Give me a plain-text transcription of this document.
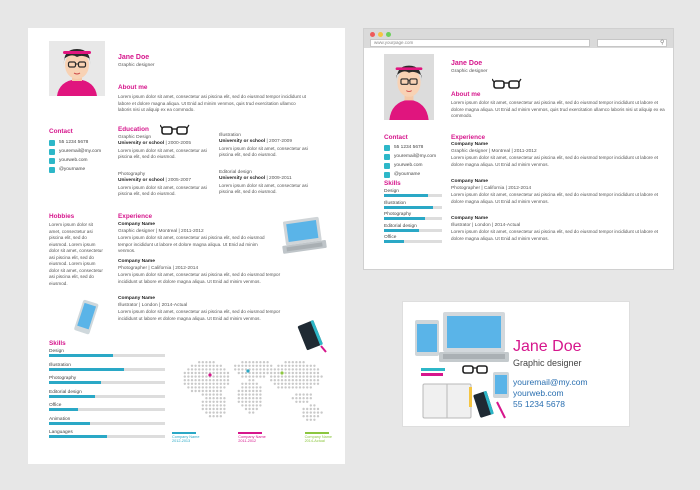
Jane Doe
Graphic designer
About me
Lorem ipsum dolor sit amet, consectetur asi piscina elit, sed do eiusmod tempor incididunt ut labore et dolore magna aliqua. Ut Enid ad minim venmos, quis trud exercitation ullamco laboris nisi ut aliquip ex ea commodo.
Contact
55 1234 5678
youremail@my.com
yourweb.com
@yourname
Education
Graphic Design
University or school | 2000-2005
Lorem ipsum dolor sit amet, consectetur asi piscina elit, sed do eiusmod.
Illustration
University or school | 2007-2009
Lorem ipsum dolor sit amet, consectetur asi piscina elit, sed do eiusmod.
Photography
University or school | 2005-2007
Lorem ipsum dolor sit amet, consectetur asi piscina elit, sed do eiusmod.
Editorial design
University or school | 2009-2011
Lorem ipsum dolor sit amet, consectetur asi piscina elit, sed do eiusmod.
Hobbies
Lorem ipsum dolor sit amet, consectetur asi piscina elit, sed do eiusmod. Lorem ipsum dolor sit amet, consectetur asi piscina elit, sed do eiusmod. Lorem ipsum dolor sit amet, consectetur asi piscina elit, sed do eiusmod.
Experience
Company Name
Graphic designer | Montreal | 2011-2012
Lorem ipsum dolor sit amet, consectetur asi piscina elit, sed do eiusmod tempor incididunt ut labore et dolore magna aliqua. Ut Enid ad minim venmos.
Company Name
Photographer | California | 2012-2014
Lorem ipsum dolor sit amet, consectetur asi piscina elit, sed do eiusmod tempor incididunt ut labore et dolore magna aliqua. Ut Enid ad minim venmos.
Company Name
Illustrator | London | 2014-Actual
Lorem ipsum dolor sit amet, consectetur asi piscina elit, sed do eiusmod tempor incididunt ut labore et dolore magna aliqua. Ut Enid ad minim venmos.
Skills
Design
Illustration
Photography
Editorial design
Office
Animation
Languages
Company Name
2012-2013
Company Name
2011-2012
Company Name
2014-Actual
www.yourpage.com	⚲
Jane Doe
Graphic designer
About me
Lorem ipsum dolor sit amet, consectetur asi piscina elit, sed do eiusmod tempor incididunt ut labore et dolore magna aliqua. Ut Enid ad minim venmos, quis trud exercitation ullamco laboris nisi ut aliquip ex ea commodo.
Contact
55 1234 5678
youremail@my.com
yourweb.com
@yourname
Skills
Design
Illustration
Photography
Editorial design
Office
Experience
Company Name
Graphic designer | Montreal | 2011-2012
Lorem ipsum dolor sit amet, consectetur asi piscina elit, sed do eiusmod tempor incididunt ut labore et dolore magna aliqua. Ut Enid ad minim venmos.
Company Name
Photographer | California | 2012-2014
Lorem ipsum dolor sit amet, consectetur asi piscina elit, sed do eiusmod tempor incididunt ut labore et dolore magna aliqua. Ut Enid ad minim venmos.
Company Name
Illustrator | London | 2014-Actual
Lorem ipsum dolor sit amet, consectetur asi piscina elit, sed do eiusmod tempor incididunt ut labore et dolore magna aliqua. Ut Enid ad minim venmos.
Jane Doe
Graphic designer
youremail@my.com
yourweb.com
55 1234 5678
